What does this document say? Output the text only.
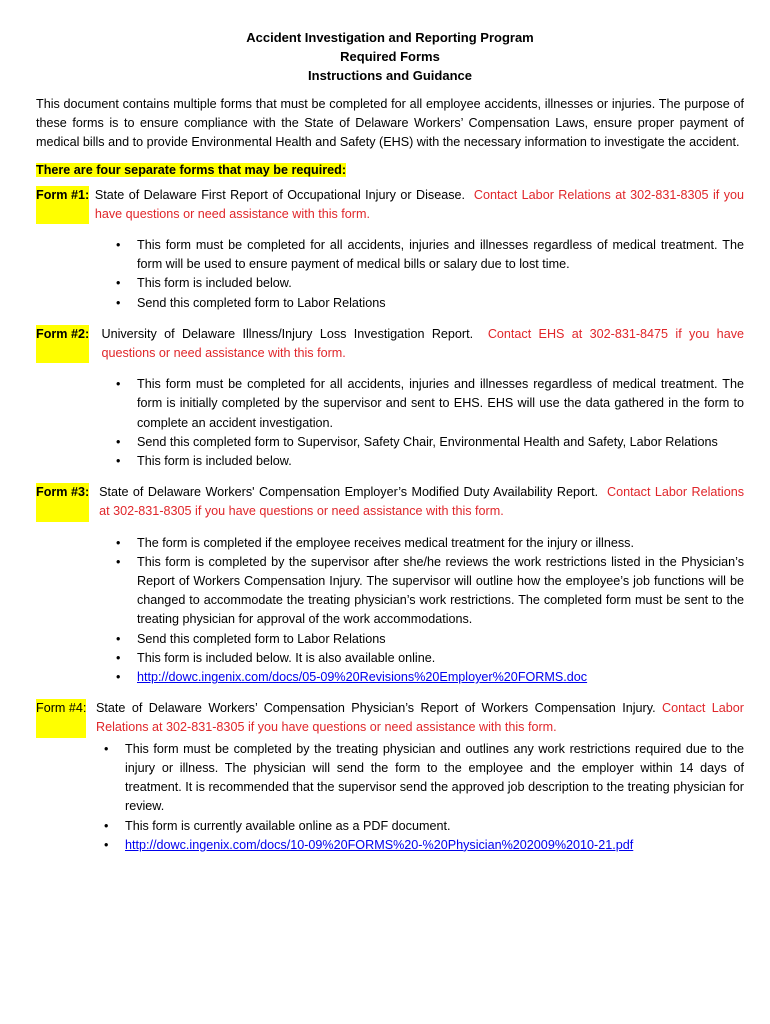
Accident Investigation and Reporting Program
Required Forms
Instructions and Guidance
This document contains multiple forms that must be completed for all employee accidents, illnesses or injuries. The purpose of these forms is to ensure compliance with the State of Delaware Workers’ Compensation Laws, ensure proper payment of medical bills and to provide Environmental Health and Safety (EHS) with the necessary information to investigate the accident.
There are four separate forms that may be required:
Form #1: State of Delaware First Report of Occupational Injury or Disease. Contact Labor Relations at 302-831-8305 if you have questions or need assistance with this form.
• This form must be completed for all accidents, injuries and illnesses regardless of medical treatment. The form will be used to ensure payment of medical bills or salary due to lost time.
• This form is included below.
• Send this completed form to Labor Relations
Form #2: University of Delaware Illness/Injury Loss Investigation Report. Contact EHS at 302-831-8475 if you have questions or need assistance with this form.
• This form must be completed for all accidents, injuries and illnesses regardless of medical treatment. The form is initially completed by the supervisor and sent to EHS. EHS will use the data gathered in the form to complete an accident investigation.
• Send this completed form to Supervisor, Safety Chair, Environmental Health and Safety, Labor Relations
• This form is included below.
Form #3: State of Delaware Workers' Compensation Employer’s Modified Duty Availability Report. Contact Labor Relations at 302-831-8305 if you have questions or need assistance with this form.
• The form is completed if the employee receives medical treatment for the injury or illness.
• This form is completed by the supervisor after she/he reviews the work restrictions listed in the Physician’s Report of Workers Compensation Injury. The supervisor will outline how the employee’s job functions will be changed to accommodate the treating physician’s work restrictions. The completed form must be sent to the treating physician for approval of the work accommodations.
• Send this completed form to Labor Relations
• This form is included below. It is also available online.
• http://dowc.ingenix.com/docs/05-09%20Revisions%20Employer%20FORMS.doc
Form #4: State of Delaware Workers’ Compensation Physician’s Report of Workers Compensation Injury. Contact Labor Relations at 302-831-8305 if you have questions or need assistance with this form.
• This form must be completed by the treating physician and outlines any work restrictions required due to the injury or illness. The physician will send the form to the employee and the employer within 14 days of treatment. It is recommended that the supervisor send the approved job description to the treating physician for review.
• This form is currently available online as a PDF document.
• http://dowc.ingenix.com/docs/10-09%20FORMS%20-%20Physician%202009%2010-21.pdf
